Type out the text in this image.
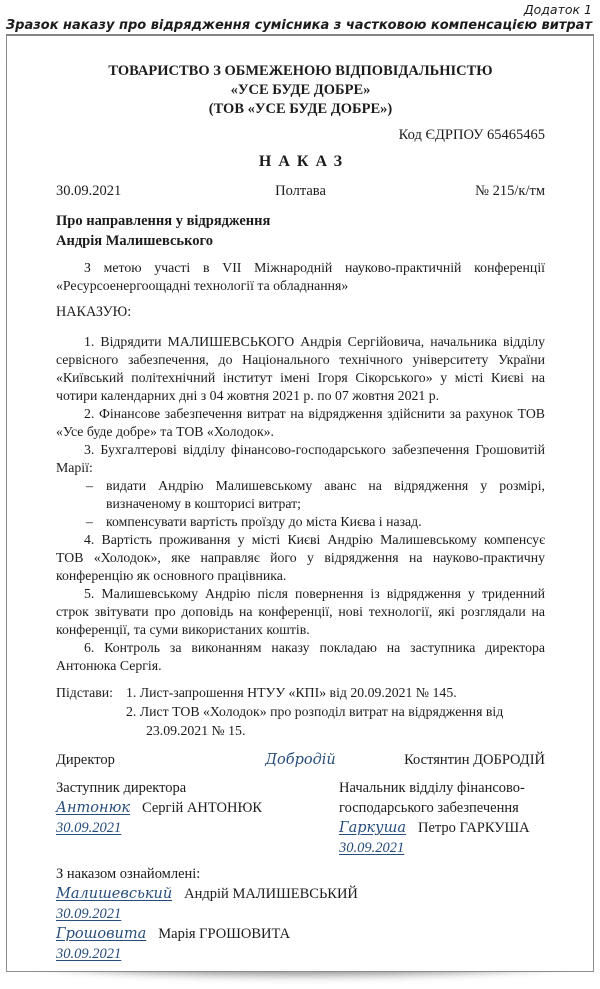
Додаток 1
Зразок наказу про відрядження сумісника з частковою компенсацією витрат
ТОВАРИСТВО З ОБМЕЖЕНОЮ ВІДПОВІДАЛЬНІСТЮ
«УСЕ БУДЕ ДОБРЕ»
(ТОВ «УСЕ БУДЕ ДОБРЕ»)
Код ЄДРПОУ 65465465
НАКАЗ
30.09.2021	Полтава	№ 215/к/тм
Про направлення у відрядження
Андрія Малишевського

З метою участі в VII Міжнародній науково-практичній конференції «Ресурсоенергоощадні технології та обладнання»

НАКАЗУЮ:

1. Відрядити МАЛИШЕВСЬКОГО Андрія Сергійовича, начальника відділу сервісного забезпечення, до Національного технічного університету України «Київський політехнічний інститут імені Ігоря Сікорського» у місті Києві на чотири календарних дні з 04 жовтня 2021 р. по 07 жовтня 2021 р.

2. Фінансове забезпечення витрат на відрядження здійснити за рахунок ТОВ «Усе буде добре» та ТОВ «Холодок».

3. Бухгалтерові відділу фінансово-господарського забезпечення Грошовитій Марії:

– видати Андрію Малишевському аванс на відрядження у розмірі, визначеному в кошторисі витрат;
– компенсувати вартість проїзду до міста Києва і назад.

4. Вартість проживання у місті Києві Андрію Малишевському компенсує ТОВ «Холодок», яке направляє його у відрядження на науково-практичну конференцію як основного працівника.

5. Малишевському Андрію після повернення із відрядження у триденний строк звітувати про доповідь на конференції, нові технології, які розглядали на конференції, та суми використаних коштів.

6. Контроль за виконанням наказу покладаю на заступника директора Антонюка Сергія.

Підстави: 1. Лист-запрошення НТУУ «КПІ» від 20.09.2021 № 145.
2. Лист ТОВ «Холодок» про розподіл витрат на відрядження від 23.09.2021 № 15.
Директор	Добродій	Костянтин ДОБРОДІЙ
Заступник директора
Антонюк Сергій АНТОНЮК
30.09.2021
Начальник відділу фінансово-
господарського забезпечення
Гаркуша Петро ГАРКУША
30.09.2021
З наказом ознайомлені:
Малишевський Андрій МАЛИШЕВСЬКИЙ
30.09.2021
Грошовита Марія ГРОШОВИТА
30.09.2021
